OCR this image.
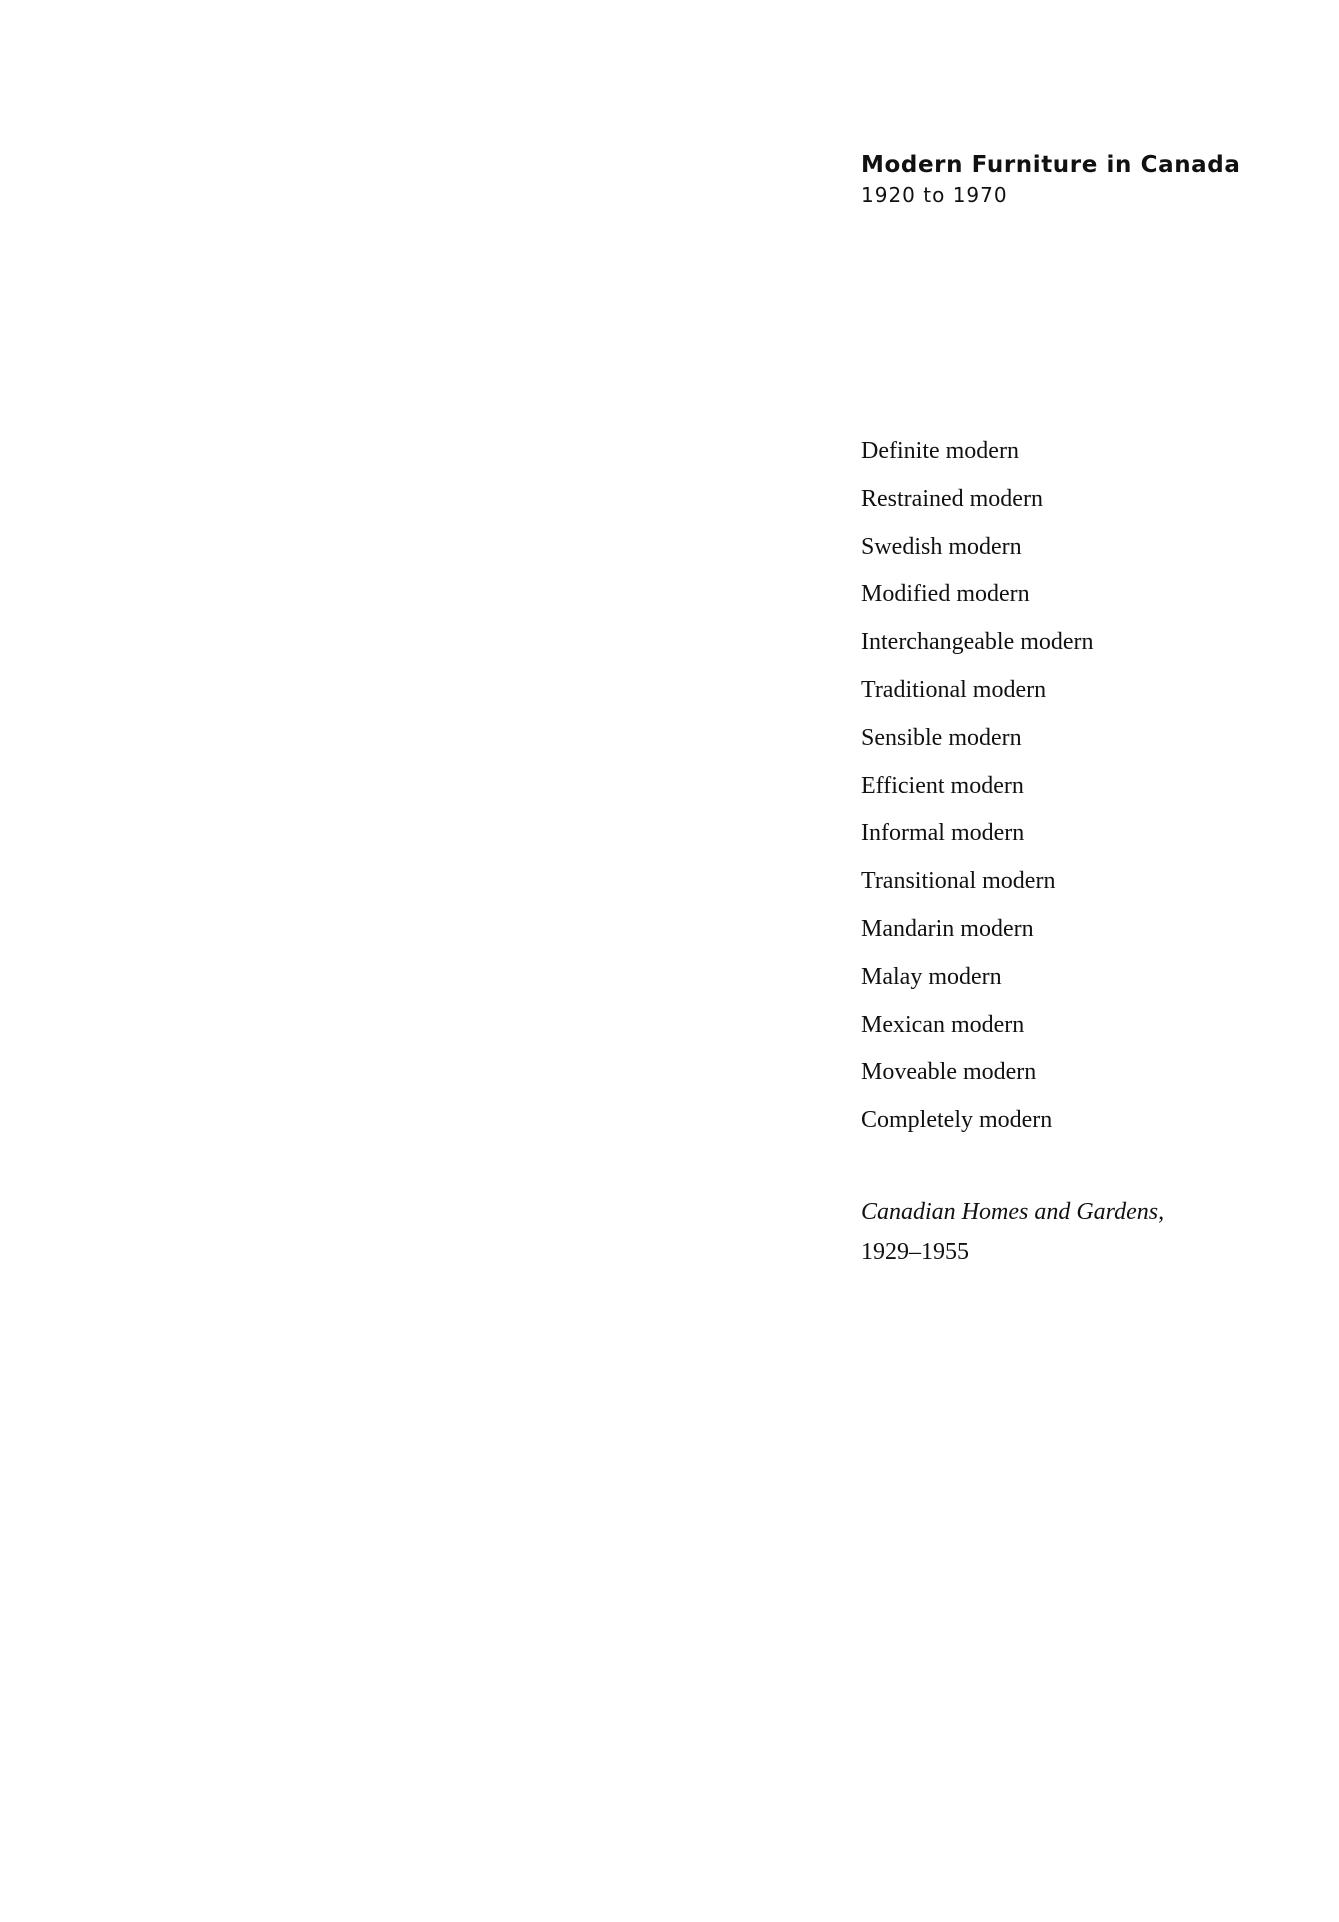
Modern Furniture in Canada
1920 to 1970
Definite modern
Restrained modern
Swedish modern
Modified modern
Interchangeable modern
Traditional modern
Sensible modern
Efficient modern
Informal modern
Transitional modern
Mandarin modern
Malay modern
Mexican modern
Moveable modern
Completely modern
Canadian Homes and Gardens,
1929–1955
